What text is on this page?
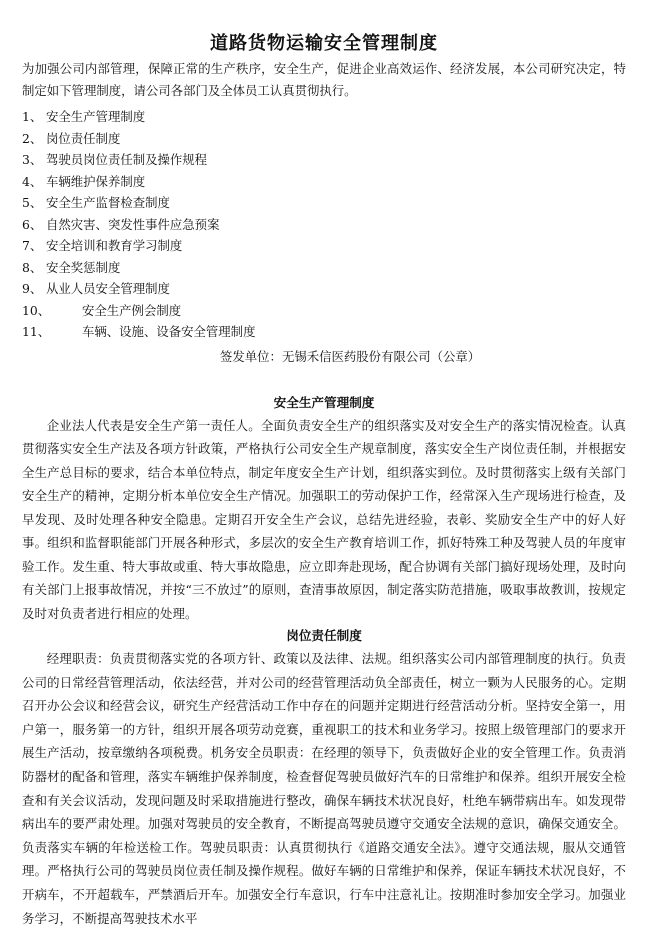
道路货物运输安全管理制度

为加强公司内部管理，保障正常的生产秩序，安全生产，促进企业高效运作、经济发展，本公司研究决定，特制定如下管理制度，请公司各部门及全体员工认真贯彻执行。

1、 安全生产管理制度
2、 岗位责任制度
3、 驾驶员岗位责任制及操作规程
4、 车辆维护保养制度
5、 安全生产监督检查制度
6、 自然灾害、突发性事件应急预案
7、 安全培训和教育学习制度
8、 安全奖惩制度
9、 从业人员安全管理制度
10、	安全生产例会制度
11、	车辆、设施、设备安全管理制度

签发单位：无锡禾信医药股份有限公司（公章）

安全生产管理制度

企业法人代表是安全生产第一责任人。全面负责安全生产的组织落实及对安全生产的落实情况检查。认真贯彻落实安全生产法及各项方针政策，严格执行公司安全生产规章制度，落实安全生产岗位责任制，并根据安全生产总目标的要求，结合本单位特点，制定年度安全生产计划，组织落实到位。及时贯彻落实上级有关部门安全生产的精神，定期分析本单位安全生产情况。加强职工的劳动保护工作，经常深入生产现场进行检查，及早发现、及时处理各种安全隐患。定期召开安全生产会议，总结先进经验，表彰、奖励安全生产中的好人好事。组织和监督职能部门开展各种形式，多层次的安全生产教育培训工作，抓好特殊工种及驾驶人员的年度审验工作。发生重、特大事故或重、特大事故隐患，应立即奔赴现场，配合协调有关部门搞好现场处理，及时向有关部门上报事故情况，并按“三不放过”的原则，查清事故原因，制定落实防范措施，吸取事故教训，按规定及时对负责者进行相应的处理。

岗位责任制度

经理职责：负责贯彻落实党的各项方针、政策以及法律、法规。组织落实公司内部管理制度的执行。负责公司的日常经营管理活动，依法经营，并对公司的经营管理活动负全部责任，树立一颗为人民服务的心。定期召开办公会议和经营会议，研究生产经营活动工作中存在的问题并定期进行经营活动分析。坚持安全第一，用户第一，服务第一的方针，组织开展各项劳动竞赛，重视职工的技术和业务学习。按照上级管理部门的要求开展生产活动，按章缴纳各项税费。机务安全员职责：在经理的领导下，负责做好企业的安全管理工作。负责消防器材的配备和管理，落实车辆维护保养制度，检查督促驾驶员做好汽车的日常维护和保养。组织开展安全检查和有关会议活动，发现问题及时采取措施进行整改，确保车辆技术状况良好，杜绝车辆带病出车。如发现带病出车的要严肃处理。加强对驾驶员的安全教育，不断提高驾驶员遵守交通安全法规的意识，确保交通安全。负责落实车辆的年检送检工作。驾驶员职责：认真贯彻执行《道路交通安全法》。遵守交通法规，服从交通管理。严格执行公司的驾驶员岗位责任制及操作规程。做好车辆的日常维护和保养，保证车辆技术状况良好，不开病车，不开超载车，严禁酒后开车。加强安全行车意识，行车中注意礼让。按期准时参加安全学习。加强业务学习，不断提高驾驶技术水平
